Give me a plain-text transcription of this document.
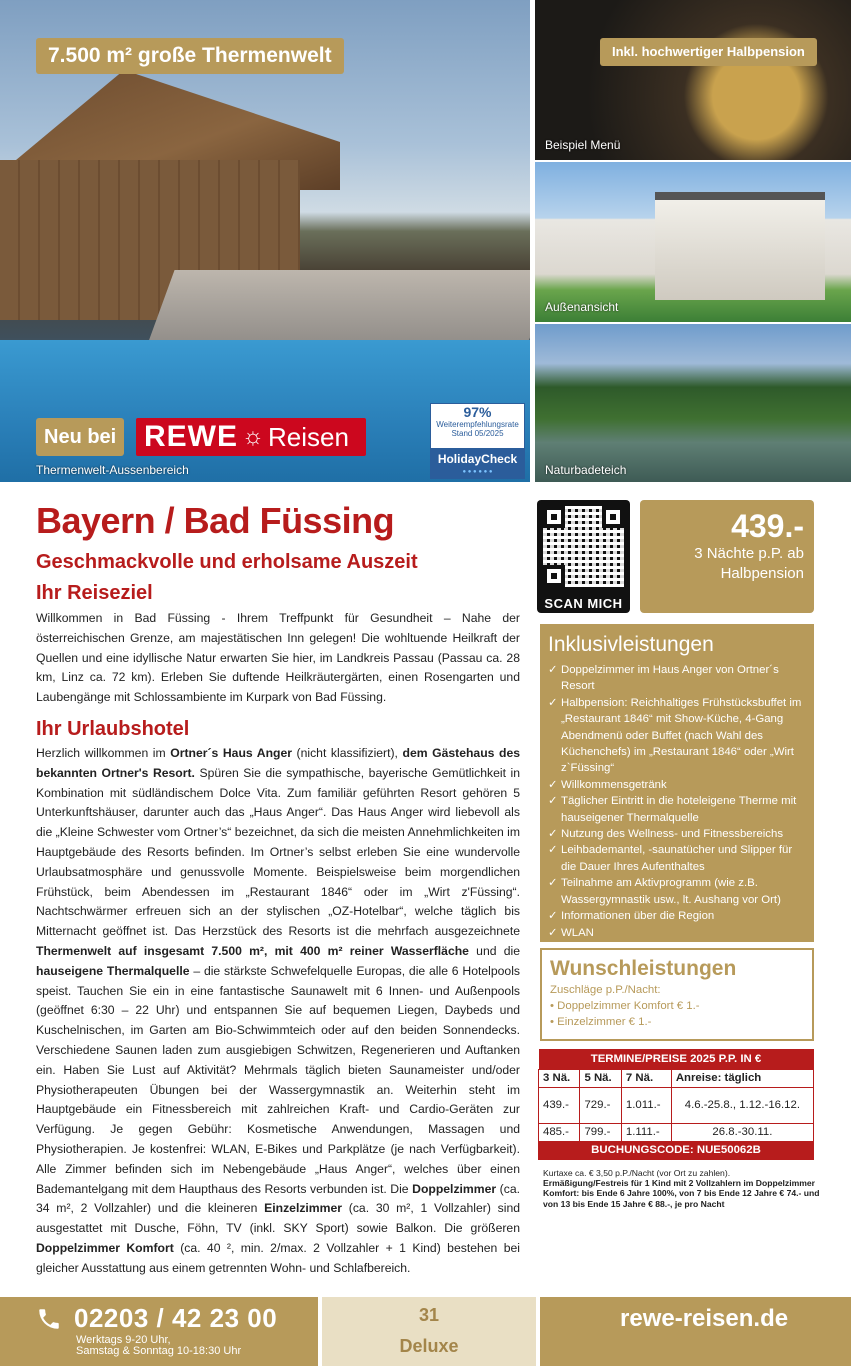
7.500 m² große Thermenwelt	Inkl. hochwertiger Halbpension
Beispiel Menü
Außenansicht
Naturbadeteich
Thermenwelt-Aussenbereich
Neu bei REWE ☼ Reisen
97%
Weiterempfehlungsrate
Stand 05/2025
HolidayCheck
● ● ● ● ● ●
Bayern / Bad Füssing
Geschmackvolle und erholsame Auszeit
Ihr Reiseziel

Willkommen in Bad Füssing - Ihrem Treffpunkt für Gesundheit – Nahe der österreichischen Grenze, am majestätischen Inn gelegen! Die wohltuende Heilkraft der Quellen und eine idyllische Natur erwarten Sie hier, im Landkreis Passau (Passau ca. 28 km, Linz ca. 72 km). Erleben Sie duftende Heilkräutergärten, einen Rosengarten und Laubengänge mit Schlossambiente im Kurpark von Bad Füssing.

Ihr Urlaubshotel

Herzlich willkommen im Ortner´s Haus Anger (nicht klassifiziert), dem Gästehaus des bekannten Ortner's Resort. Spüren Sie die sympathische, bayerische Gemütlichkeit in Kombination mit südländischem Dolce Vita. Zum familiär geführten Resort gehören 5 Unterkunftshäuser, darunter auch das „Haus Anger“. Das Haus Anger wird liebevoll als die „Kleine Schwester vom Ortner’s“ bezeichnet, da sich die meisten Annehmlichkeiten im Hauptgebäude des Resorts befinden. Im Ortner’s selbst erleben Sie eine wundervolle Urlaubsatmosphäre und genussvolle Momente. Beispielsweise beim morgendlichen Frühstück, beim Abendessen im „Restaurant 1846“ oder im „Wirt z'Füssing“. Nachtschwärmer erfreuen sich an der stylischen „OZ-Hotelbar“, welche täglich bis Mitternacht geöffnet ist. Das Herzstück des Resorts ist die mehrfach ausgezeichnete Thermenwelt auf insgesamt 7.500 m², mit 400 m² reiner Wasserfläche und die hauseigene Thermalquelle – die stärkste Schwefelquelle Europas, die alle 6 Hotelpools speist. Tauchen Sie ein in eine fantastische Saunawelt mit 6 Innen- und Außenpools (geöffnet 6:30 – 22 Uhr) und entspannen Sie auf bequemen Liegen, Daybeds und Kuschelnischen, im Garten am Bio-Schwimmteich oder auf den beiden Sonnendecks. Verschiedene Saunen laden zum ausgiebigen Schwitzen, Regenerieren und Auftanken ein. Haben Sie Lust auf Aktivität? Mehrmals täglich bieten Saunameister und/oder Physiotherapeuten Übungen bei der Wassergymnastik an. Weiterhin steht im Hauptgebäude ein Fitnessbereich mit zahlreichen Kraft- und Cardio-Geräten zur Verfügung. Je gegen Gebühr: Kosmetische Anwendungen, Massagen und Physiotherapien. Je kostenfrei: WLAN, E-Bikes und Parkplätze (je nach Verfügbarkeit). Alle Zimmer befinden sich im Nebengebäude „Haus Anger“, welches über einen Bademantelgang mit dem Haupthaus des Resorts verbunden ist. Die Doppelzimmer (ca. 34 m², 2 Vollzahler) und die kleineren Einzelzimmer (ca. 30 m², 1 Vollzahler) sind ausgestattet mit Dusche, Föhn, TV (inkl. SKY Sport) sowie Balkon. Die größeren Doppelzimmer Komfort (ca. 40 ², min. 2/max. 2 Vollzahler + 1 Kind) bestehen bei gleicher Ausstattung aus einem getrennten Wohn- und Schlafbereich.

SCAN MICH
439.-
3 Nächte p.P. ab
Halbpension
Inklusivleistungen
✓ Doppelzimmer im Haus Anger von Ortner´s Resort
✓ Halbpension: Reichhaltiges Frühstücksbuffet im „Restaurant 1846“ mit Show-Küche, 4-Gang Abendmenü oder Buffet (nach Wahl des Küchenchefs) im „Restaurant 1846“ oder „Wirt z`Füssing“
✓ Willkommensgetränk
✓ Täglicher Eintritt in die hoteleigene Therme mit hauseigener Thermalquelle
✓ Nutzung des Wellness- und Fitnessbereichs
✓ Leihbademantel, -saunatücher und Slipper für die Dauer Ihres Aufenthaltes
✓ Teilnahme am Aktivprogramm (wie z.B. Wassergymnastik usw., lt. Aushang vor Ort)
✓ Informationen über die Region
✓ WLAN
Wunschleistungen
Zuschläge p.P./Nacht:
• Doppelzimmer Komfort € 1.-
• Einzelzimmer € 1.-
TERMINE/PREISE 2025 P.P. IN €			
3 Nä.	5 Nä.	7 Nä.	Anreise: täglich
439.-	729.-	1.011.-	4.6.-25.8., 1.12.-16.12.
485.-	799.-	1.111.-	26.8.-30.11.
BUCHUNGSCODE: NUE50062B			
Kurtaxe ca. € 3,50 p.P./Nacht (vor Ort zu zahlen).
Ermäßigung/Festreis für 1 Kind mit 2 Vollzahlern im Doppelzimmer Komfort: bis Ende 6 Jahre 100%, von 7 bis Ende 12 Jahre € 74.- und von 13 bis Ende 15 Jahre € 88.-, je pro Nacht
02203 / 42 23 00
Werktags 9-20 Uhr,
Samstag & Sonntag 10-18:30 Uhr
31
Deluxe
rewe-reisen.de
